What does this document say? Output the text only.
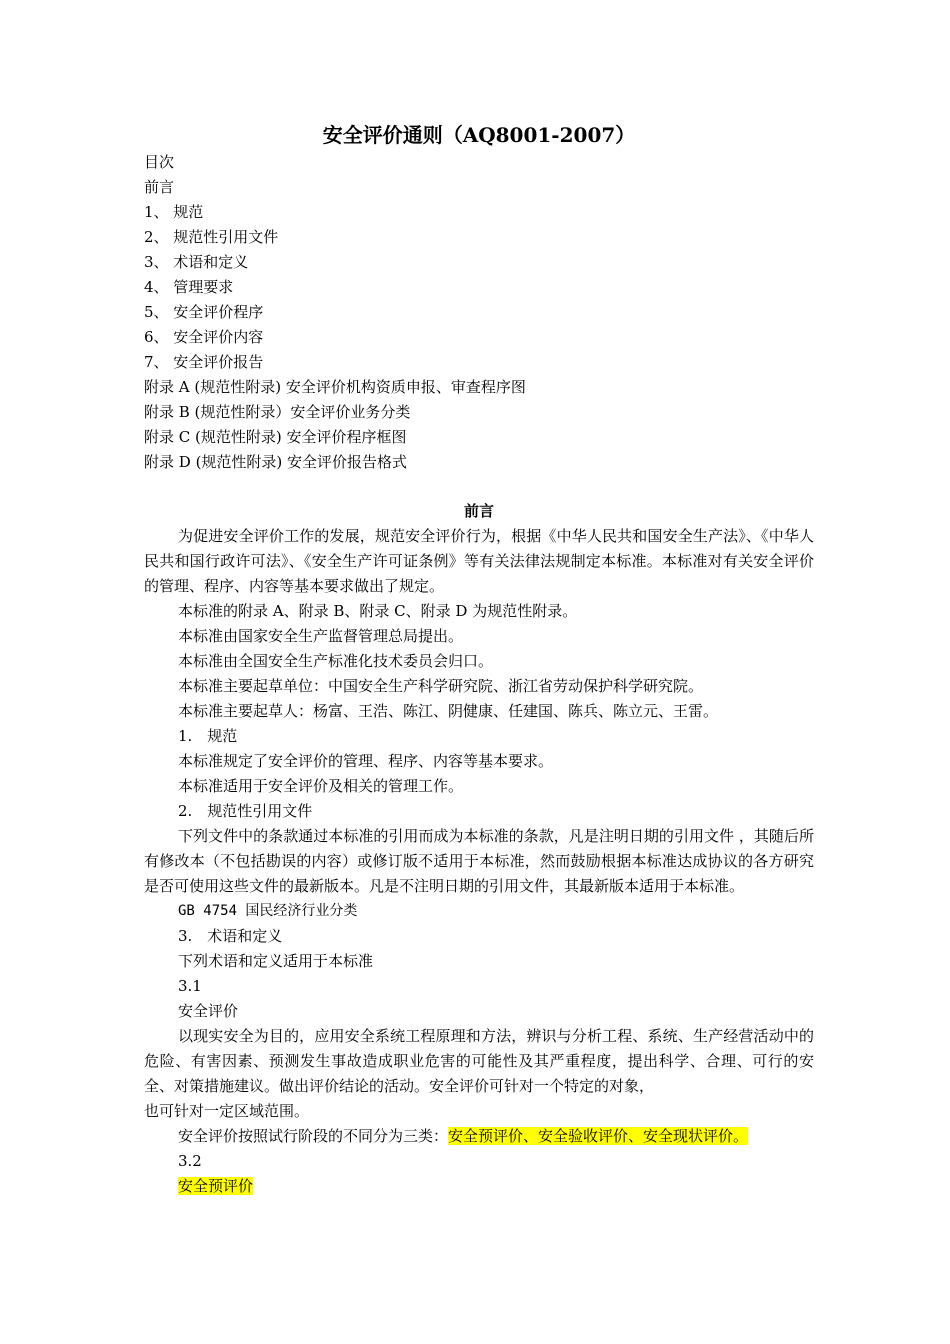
安全评价通则（AQ8001-2007）
目次
前言
1、 规范
2、 规范性引用文件
3、 术语和定义
4、 管理要求
5、 安全评价程序
6、 安全评价内容
7、 安全评价报告
附录 A (规范性附录) 安全评价机构资质申报、审查程序图
附录 B (规范性附录）安全评价业务分类
附录 C (规范性附录) 安全评价程序框图
附录 D (规范性附录) 安全评价报告格式
前言
为促进安全评价工作的发展，规范安全评价行为，根据《中华人民共和国安全生产法》、《中华人民共和国行政许可法》、《安全生产许可证条例》等有关法律法规制定本标准。本标准对有关安全评价的管理、程序、内容等基本要求做出了规定。
本标准的附录 A、附录 B、附录 C、附录 D 为规范性附录。
本标准由国家安全生产监督管理总局提出。
本标准由全国安全生产标准化技术委员会归口。
本标准主要起草单位：中国安全生产科学研究院、浙江省劳动保护科学研究院。
本标准主要起草人：杨富、王浩、陈江、阴健康、任建国、陈兵、陈立元、王雷。
1.　规范
本标准规定了安全评价的管理、程序、内容等基本要求。
本标准适用于安全评价及相关的管理工作。
2.　规范性引用文件
下列文件中的条款通过本标准的引用而成为本标准的条款，凡是注明日期的引用文件 ，其随后所有修改本（不包括勘误的内容）或修订版不适用于本标准，然而鼓励根据本标准达成协议的各方研究是否可使用这些文件的最新版本。凡是不注明日期的引用文件，其最新版本适用于本标准。
GB 4754 国民经济行业分类
3.　术语和定义
下列术语和定义适用于本标准
3.1
安全评价
以现实安全为目的，应用安全系统工程原理和方法，辨识与分析工程、系统、生产经营活动中的危险、有害因素、预测发生事故造成职业危害的可能性及其严重程度，提出科学、合理、可行的安全、对策措施建议。做出评价结论的活动。安全评价可针对一个特定的对象，
也可针对一定区域范围。
安全评价按照试行阶段的不同分为三类：安全预评价、安全验收评价、安全现状评价。
3.2
安全预评价
